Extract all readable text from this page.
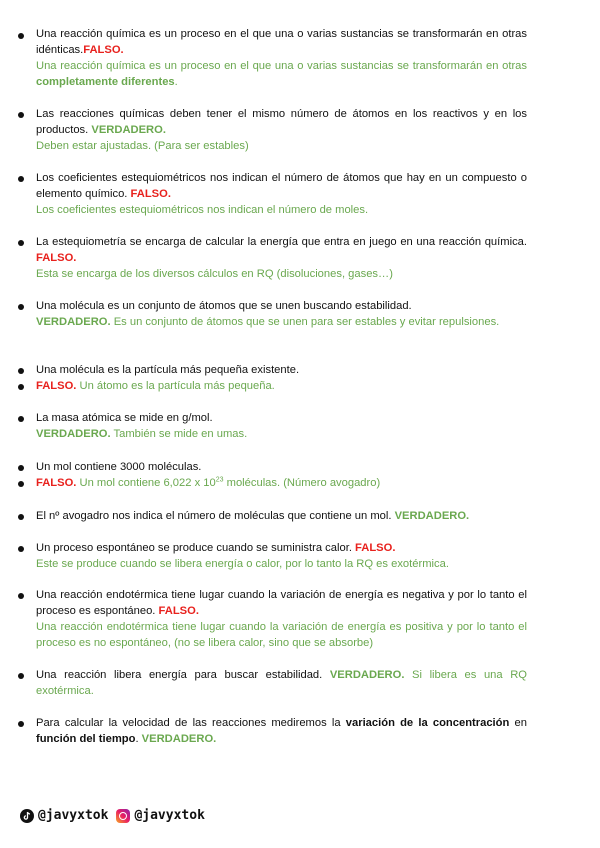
Una reacción química es un proceso en el que una o varias sustancias se transformarán en otras idénticas.FALSO.
Una reacción química es un proceso en el que una o varias sustancias se transformarán en otras completamente diferentes.
Las reacciones químicas deben tener el mismo número de átomos en los reactivos y en los productos. VERDADERO.
Deben estar ajustadas. (Para ser estables)
Los coeficientes estequiométricos nos indican el número de átomos que hay en un compuesto o elemento químico. FALSO.
Los coeficientes estequiométricos nos indican el número de moles.
La estequiometría se encarga de calcular la energía que entra en juego en una reacción química. FALSO.
Esta se encarga de los diversos cálculos en RQ (disoluciones, gases…)
Una molécula es un conjunto de átomos que se unen buscando estabilidad.
VERDADERO. Es un conjunto de átomos que se unen para ser estables y evitar repulsiones.
Una molécula es la partícula más pequeña existente.
FALSO. Un átomo es la partícula más pequeña.
La masa atómica se mide en g/mol.
VERDADERO. También se mide en umas.
Un mol contiene 3000 moléculas.
FALSO. Un mol contiene 6,022 x $10^{23}$ moléculas. (Número avogadro)
El nº avogadro nos indica el número de moléculas que contiene un mol. VERDADERO.
Un proceso espontáneo se produce cuando se suministra calor. FALSO.
Este se produce cuando se libera energía o calor, por lo tanto la RQ es exotérmica.
Una reacción endotérmica tiene lugar cuando la variación de energía es negativa y por lo tanto el proceso es espontáneo. FALSO.
Una reacción endotérmica tiene lugar cuando la variación de energía es positiva y por lo tanto el proceso es no espontáneo, (no se libera calor, sino que se absorbe)
Una reacción libera energía para buscar estabilidad. VERDADERO. Si libera es una RQ exotérmica.
Para calcular la velocidad de las reacciones mediremos la variación de la concentración en función del tiempo. VERDADERO.
@javyxtok @javyxtok
